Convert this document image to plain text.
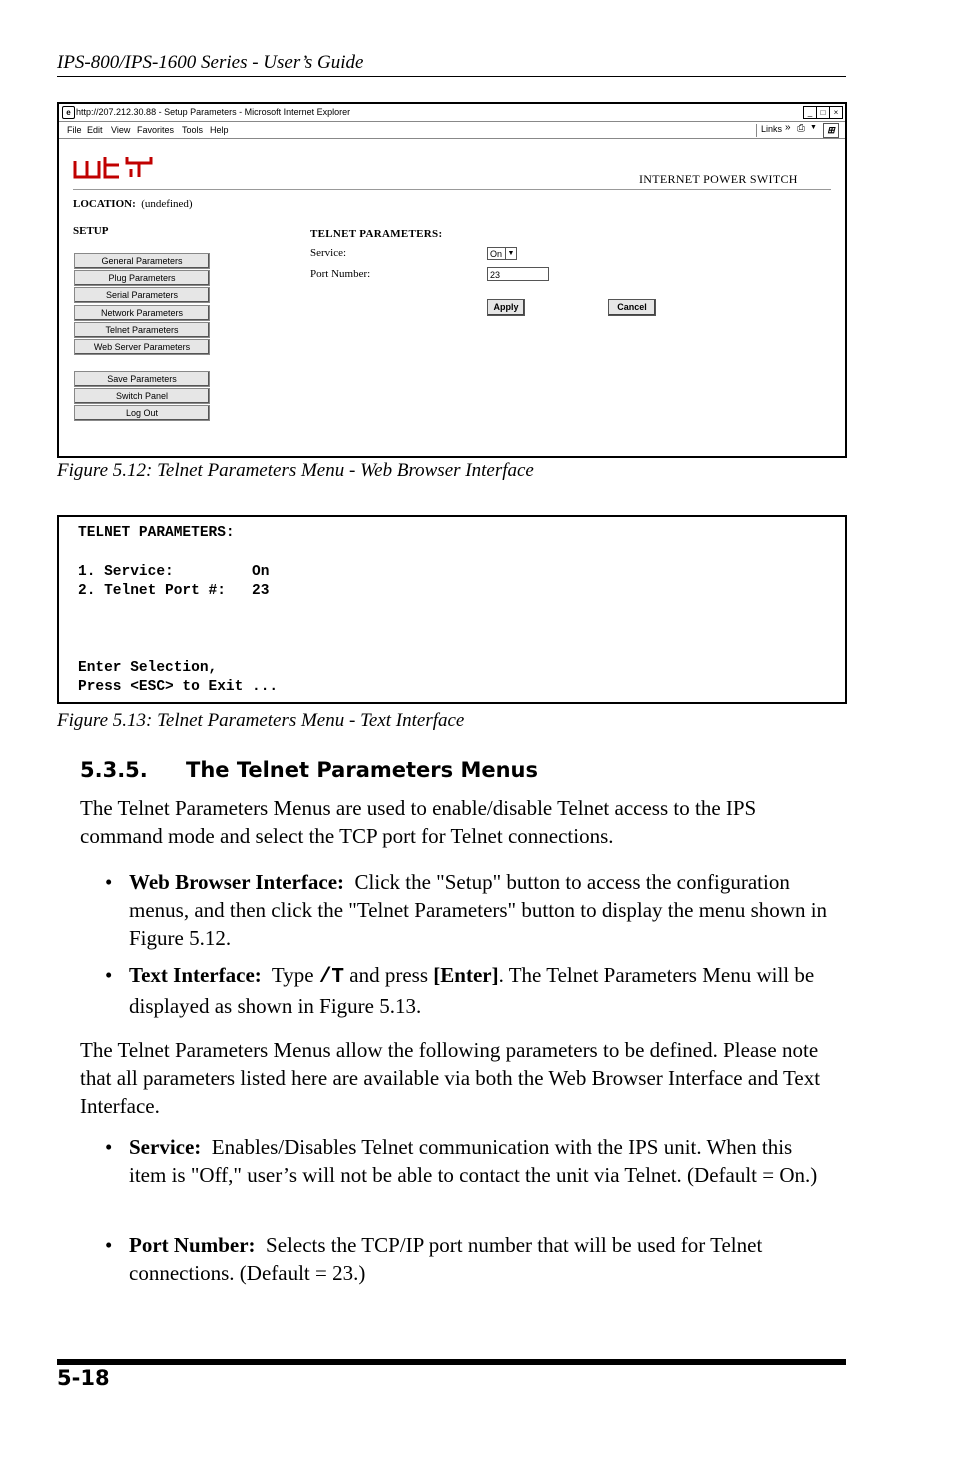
IPS-800/IPS-1600 Series - User’s Guide
e http://207.212.30.88 - Setup Parameters - Microsoft Internet Explorer	_	□	×
File Edit View Favorites Tools Help	Links » ⎙ ▼	⊞
INTERNET POWER SWITCH
LOCATION: (undefined)
SETUP
General Parameters
Plug Parameters
Serial Parameters
Network Parameters
Telnet Parameters
Web Server Parameters
Save Parameters
Switch Panel
Log Out
TELNET PARAMETERS:
Service:	On ▼
Port Number:	23
Apply	Cancel
Figure 5.12: Telnet Parameters Menu - Web Browser Interface
TELNET PARAMETERS:
1. Service:         On
2. Telnet Port #:   23
Enter Selection,
Press <ESC> to Exit ...
Figure 5.13: Telnet Parameters Menu - Text Interface
5.3.5. The Telnet Parameters Menus
The Telnet Parameters Menus are used to enable/disable Telnet access to the IPS command mode and select the TCP port for Telnet connections.
• Web Browser Interface: Click the "Setup" button to access the configuration menus, and then click the "Telnet Parameters" button to display the menu shown in Figure 5.12.
• Text Interface: Type /T and press [Enter]. The Telnet Parameters Menu will be displayed as shown in Figure 5.13.
The Telnet Parameters Menus allow the following parameters to be defined. Please note that all parameters listed here are available via both the Web Browser Interface and Text Interface.
• Service: Enables/Disables Telnet communication with the IPS unit. When this item is "Off," user’s will not be able to contact the unit via Telnet. (Default = On.)
• Port Number: Selects the TCP/IP port number that will be used for Telnet connections. (Default = 23.)
5-18
